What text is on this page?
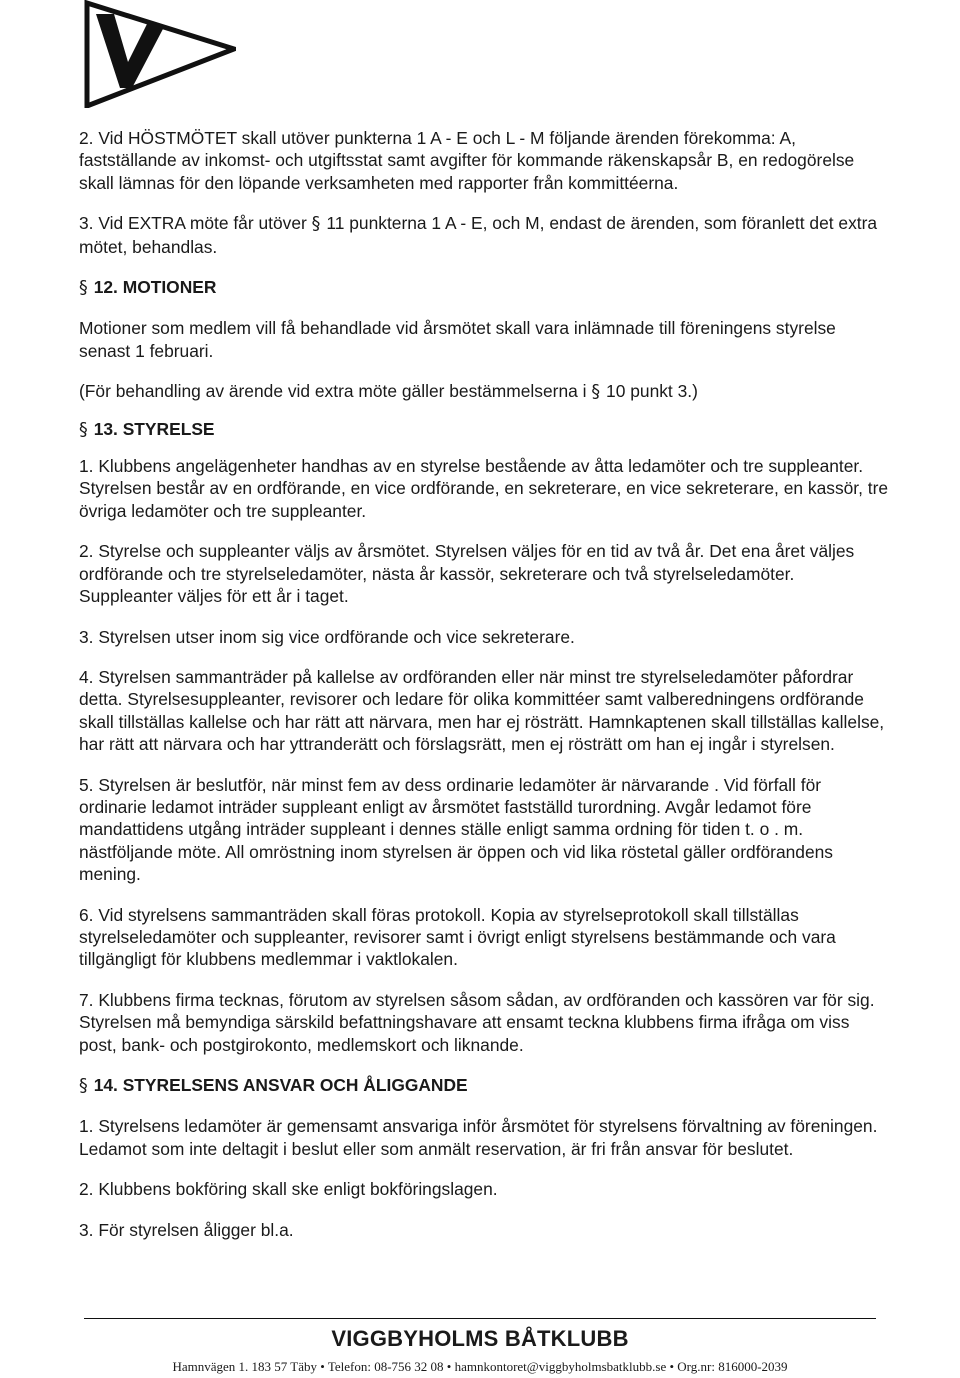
2. Vid HÖSTMÖTET skall utöver punkterna 1 A - E och L - M följande ärenden förekomma: A, fastställande av inkomst- och utgiftsstat samt avgifter för kommande räkenskapsår B, en redogörelse skall lämnas för den löpande verksamheten med rapporter från kommittéerna.

3. Vid EXTRA möte får utöver § 11 punkterna 1 A - E, och M, endast de ärenden, som föranlett det extra mötet, behandlas.

§ 12. MOTIONER

Motioner som medlem vill få behandlade vid årsmötet skall vara inlämnade till föreningens styrelse senast 1 februari.

(För behandling av ärende vid extra möte gäller bestämmelserna i § 10 punkt 3.)

§ 13. STYRELSE

1. Klubbens angelägenheter handhas av en styrelse bestående av åtta ledamöter och tre suppleanter. Styrelsen består av en ordförande, en vice ordförande, en sekreterare, en vice sekreterare, en kassör, tre övriga ledamöter och tre suppleanter.

2. Styrelse och suppleanter väljs av årsmötet. Styrelsen väljes för en tid av två år. Det ena året väljes ordförande och tre styrelseledamöter, nästa år kassör, sekreterare och två styrelseledamöter. Suppleanter väljes för ett år i taget.

3. Styrelsen utser inom sig vice ordförande och vice sekreterare.

4. Styrelsen sammanträder på kallelse av ordföranden eller när minst tre styrelseledamöter påfordrar detta. Styrelsesuppleanter, revisorer och ledare för olika kommittéer samt valberedningens ordförande skall tillställas kallelse och har rätt att närvara, men har ej rösträtt. Hamnkaptenen skall tillställas kallelse, har rätt att närvara och har yttranderätt och förslagsrätt, men ej rösträtt om han ej ingår i styrelsen.

5. Styrelsen är beslutför, när minst fem av dess ordinarie ledamöter är närvarande . Vid förfall för ordinarie ledamot inträder suppleant enligt av årsmötet fastställd turordning. Avgår ledamot före mandattidens utgång inträder suppleant i dennes ställe enligt samma ordning för tiden t. o . m. nästföljande möte. All omröstning inom styrelsen är öppen och vid lika röstetal gäller ordförandens mening.

6. Vid styrelsens sammanträden skall föras protokoll. Kopia av styrelseprotokoll skall tillställas styrelseledamöter och suppleanter, revisorer samt i övrigt enligt styrelsens bestämmande och vara tillgängligt för klubbens medlemmar i vaktlokalen.

7. Klubbens firma tecknas, förutom av styrelsen såsom sådan, av ordföranden och kassören var för sig. Styrelsen må bemyndiga särskild befattningshavare att ensamt teckna klubbens firma ifråga om viss post, bank- och postgirokonto, medlemskort och liknande.

§ 14. STYRELSENS ANSVAR OCH ÅLIGGANDE

1. Styrelsens ledamöter är gemensamt ansvariga inför årsmötet för styrelsens förvaltning av föreningen. Ledamot som inte deltagit i beslut eller som anmält reservation, är fri från ansvar för beslutet.

2. Klubbens bokföring skall ske enligt bokföringslagen.

3. För styrelsen åligger bl.a.

VIGGBYHOLMS BÅTKLUBB
Hamnvägen 1. 183 57 Täby • Telefon: 08-756 32 08 • hamnkontoret@viggbyholmsbatklubb.se • Org.nr: 816000-2039
